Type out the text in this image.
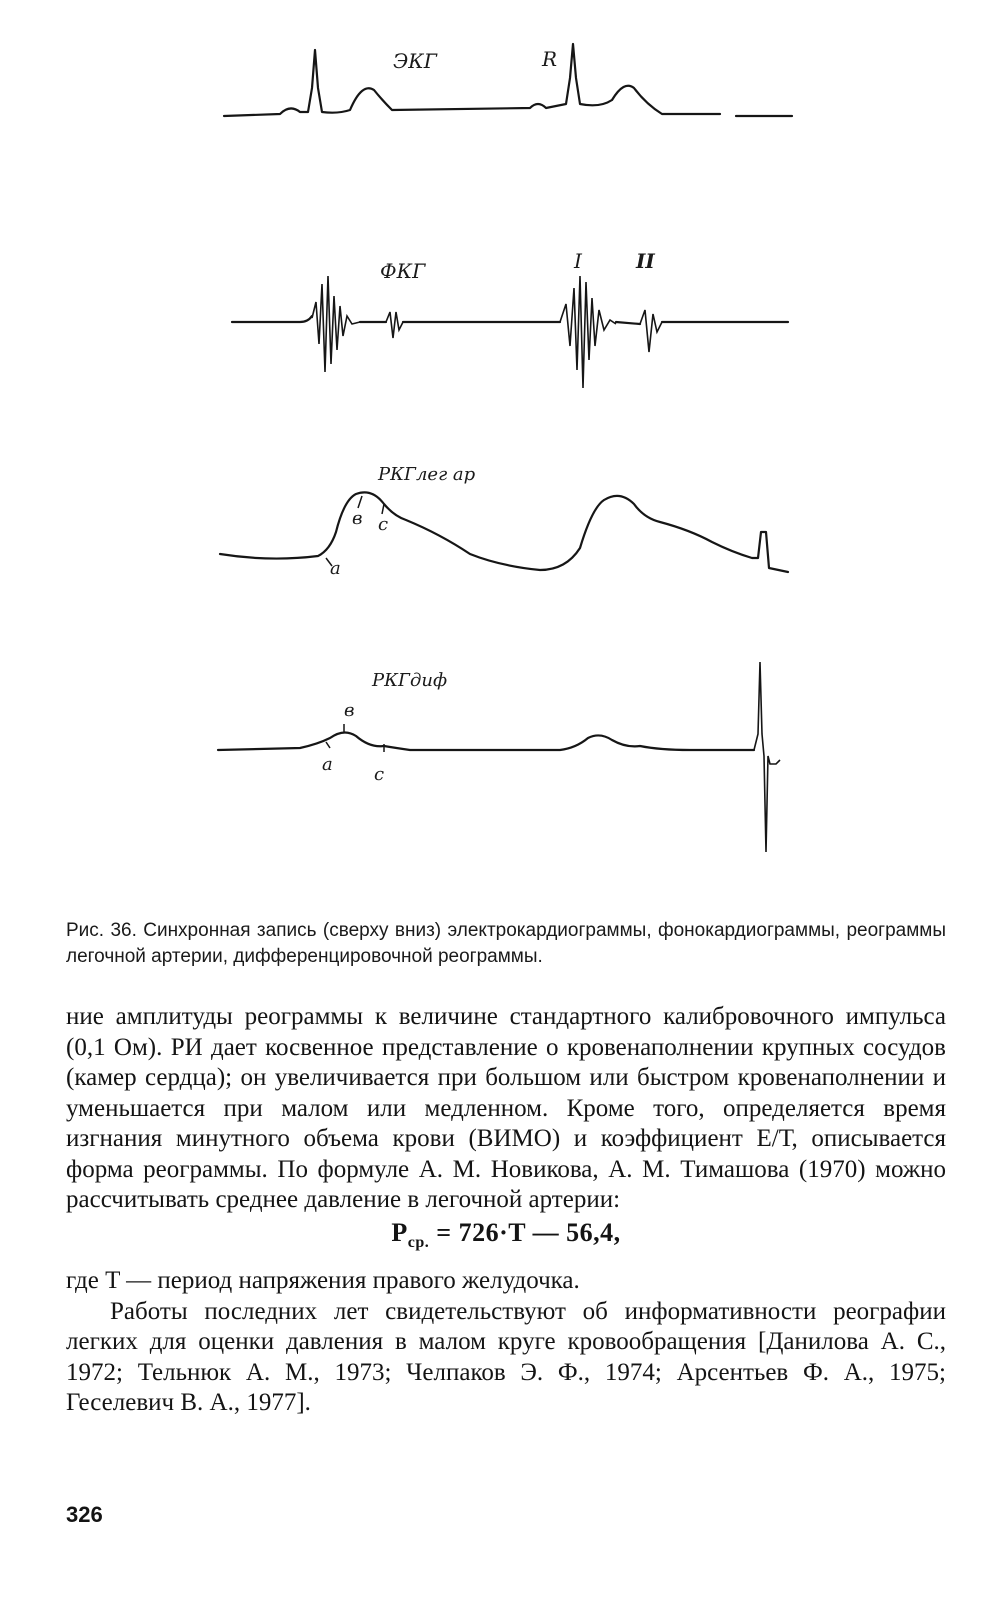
ЭКГ	R
ФКГ	I	II
РКГлег ар
а
в с
РКГдиф
а
в
с
Рис. 36. Синхронная запись (сверху вниз) электрокардиограммы, фонокардиограммы, реограммы легочной артерии, дифференцировочной реограммы.

ние амплитуды реограммы к величине стандартного калибровочного импульса (0,1 Ом). РИ дает косвенное представление о кровенаполнении крупных сосудов (камер сердца); он увеличивается при большом или быстром кровенаполнении и уменьшается при малом или медленном. Кроме того, определяется время изгнания минутного объема крови (ВИМО) и коэффициент Е/Т, описывается форма реограммы. По формуле А. М. Новикова, А. М. Тимашова (1970) можно рассчитывать среднее давление в легочной артерии:

$P_{ср.} = 726\cdot T$ — 56,4,

где T — период напряжения правого желудочка.

Работы последних лет свидетельствуют об информативности реографии легких для оценки давления в малом круге кровообращения [Данилова А. С., 1972; Тельнюк А. М., 1973; Челпаков Э. Ф., 1974; Арсентьев Ф. А., 1975; Геселевич В. А., 1977].

326
